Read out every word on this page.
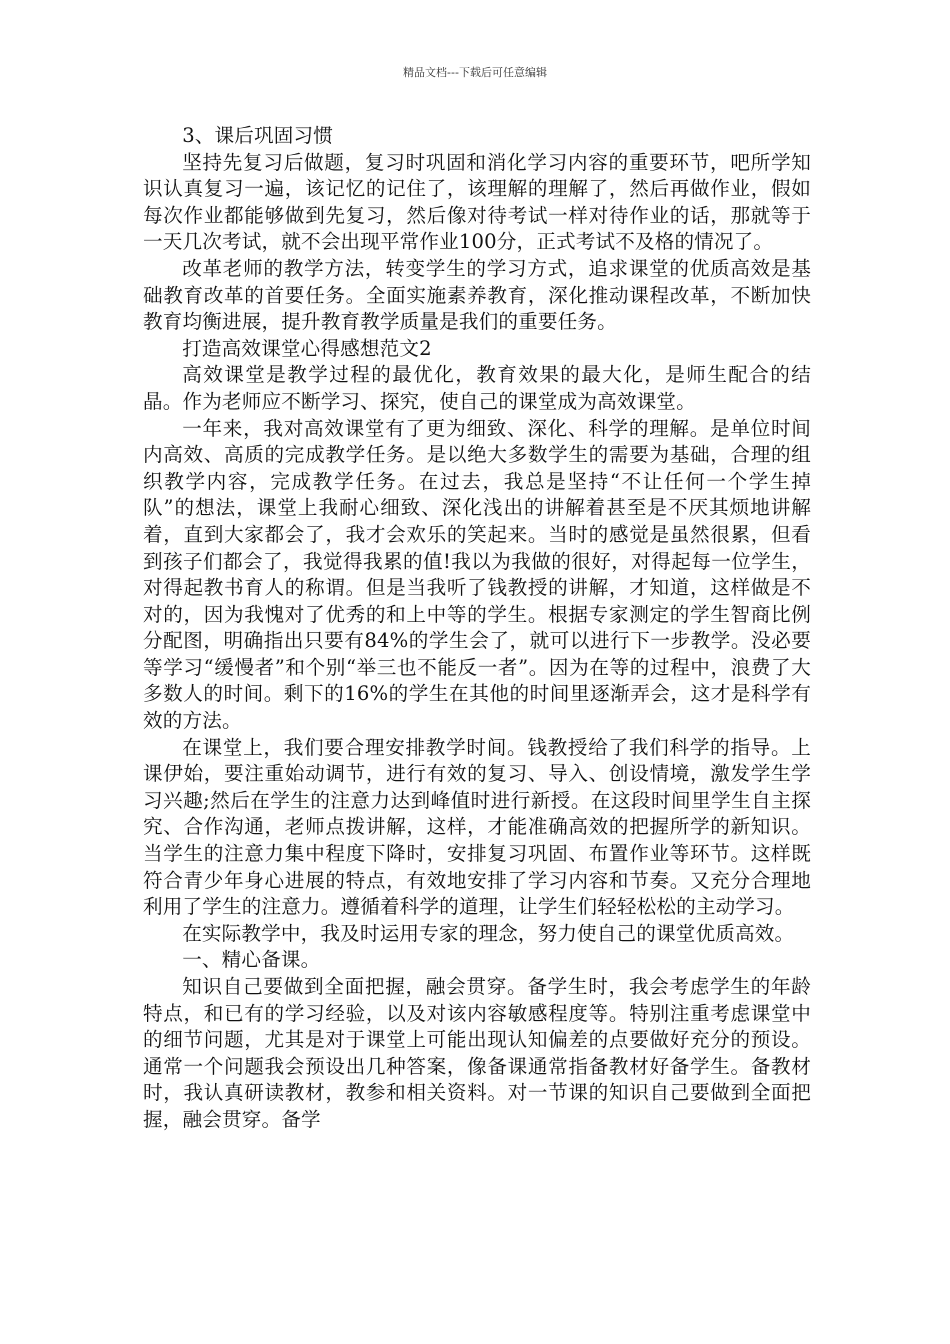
精品文档---下载后可任意编辑

3、课后巩固习惯

坚持先复习后做题，复习时巩固和消化学习内容的重要环节，吧所学知识认真复习一遍，该记忆的记住了，该理解的理解了，然后再做作业，假如每次作业都能够做到先复习，然后像对待考试一样对待作业的话，那就等于一天几次考试，就不会出现平常作业100分，正式考试不及格的情况了。

改革老师的教学方法，转变学生的学习方式，追求课堂的优质高效是基础教育改革的首要任务。全面实施素养教育，深化推动课程改革，不断加快教育均衡进展，提升教育教学质量是我们的重要任务。

打造高效课堂心得感想范文2

高效课堂是教学过程的最优化，教育效果的最大化，是师生配合的结晶。作为老师应不断学习、探究，使自己的课堂成为高效课堂。

一年来，我对高效课堂有了更为细致、深化、科学的理解。是单位时间内高效、高质的完成教学任务。是以绝大多数学生的需要为基础，合理的组织教学内容，完成教学任务。在过去，我总是坚持“不让任何一个学生掉队”的想法，课堂上我耐心细致、深化浅出的讲解着甚至是不厌其烦地讲解着，直到大家都会了，我才会欢乐的笑起来。当时的感觉是虽然很累，但看到孩子们都会了，我觉得我累的值!我以为我做的很好，对得起每一位学生，对得起教书育人的称谓。但是当我听了钱教授的讲解，才知道，这样做是不对的，因为我愧对了优秀的和上中等的学生。根据专家测定的学生智商比例分配图，明确指出只要有84%的学生会了，就可以进行下一步教学。没必要等学习“缓慢者”和个别“举三也不能反一者”。因为在等的过程中，浪费了大多数人的时间。剩下的16%的学生在其他的时间里逐渐弄会，这才是科学有效的方法。

在课堂上，我们要合理安排教学时间。钱教授给了我们科学的指导。上课伊始，要注重始动调节，进行有效的复习、导入、创设情境，激发学生学习兴趣;然后在学生的注意力达到峰值时进行新授。在这段时间里学生自主探究、合作沟通，老师点拨讲解，这样，才能准确高效的把握所学的新知识。当学生的注意力集中程度下降时，安排复习巩固、布置作业等环节。这样既符合青少年身心进展的特点，有效地安排了学习内容和节奏。又充分合理地利用了学生的注意力。遵循着科学的道理，让学生们轻轻松松的主动学习。

在实际教学中，我及时运用专家的理念，努力使自己的课堂优质高效。

一、精心备课。

知识自己要做到全面把握，融会贯穿。备学生时，我会考虑学生的年龄特点，和已有的学习经验，以及对该内容敏感程度等。特别注重考虑课堂中的细节问题，尤其是对于课堂上可能出现认知偏差的点要做好充分的预设。通常一个问题我会预设出几种答案，像备课通常指备教材好备学生。备教材时，我认真研读教材，教参和相关资料。对一节课的知识自己要做到全面把握，融会贯穿。备学
